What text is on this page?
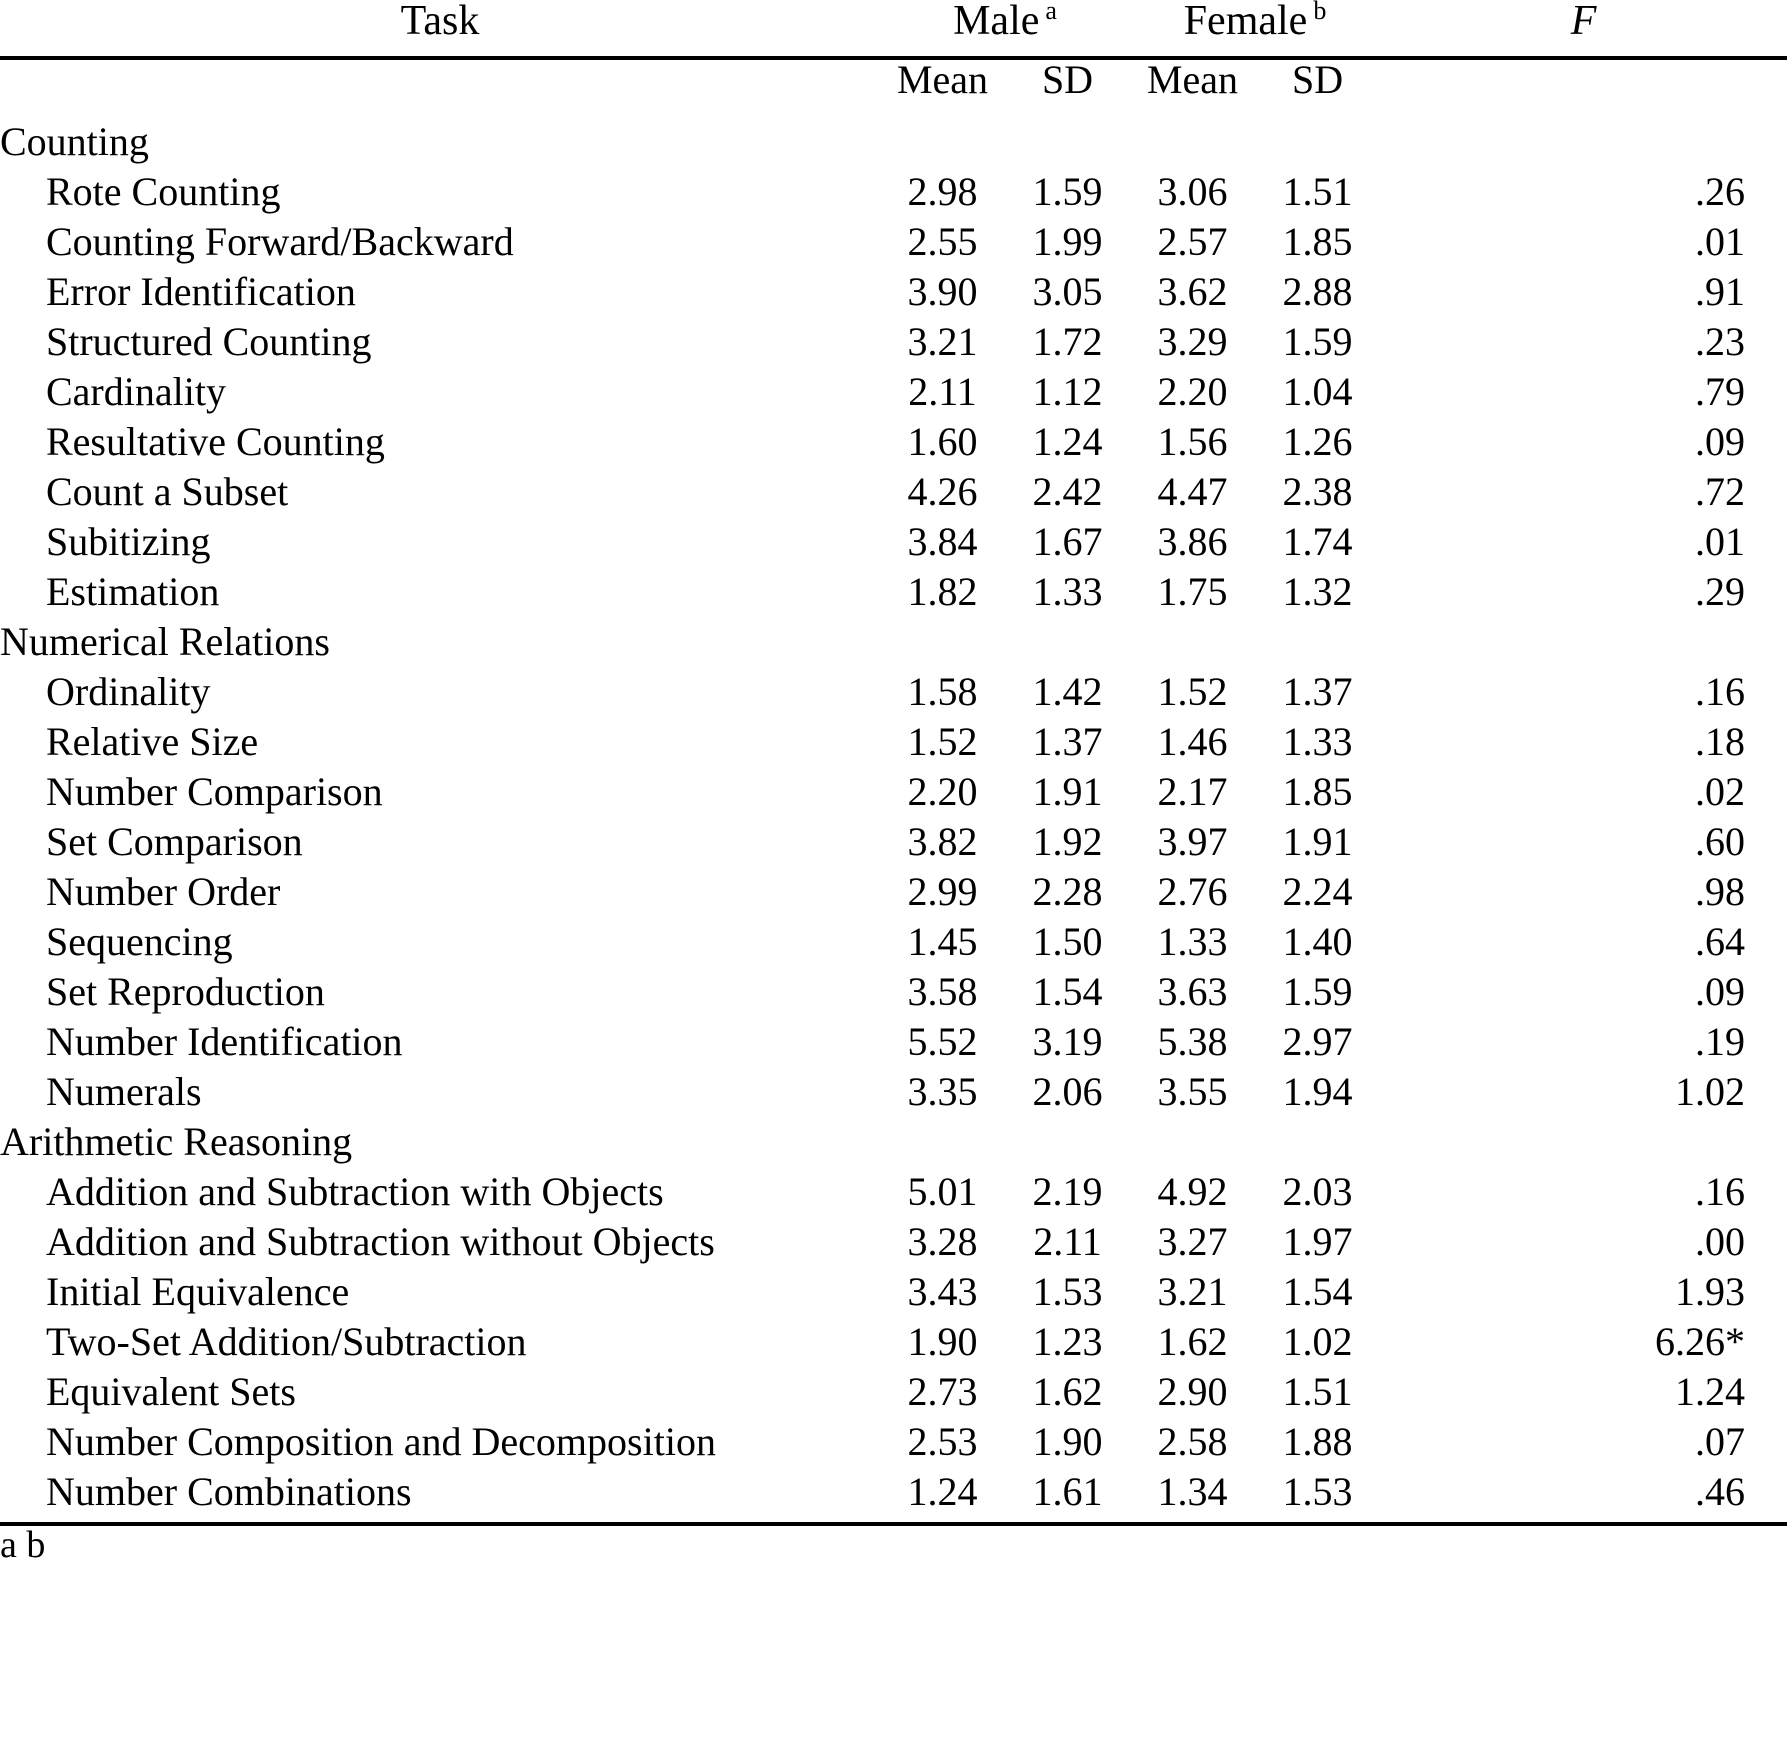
Task	Male $^a$		Female $^b$		F
	Mean	SD	Mean	SD	
Counting					
Rote Counting	2.98	1.59	3.06	1.51	.26
Counting Forward/Backward	2.55	1.99	2.57	1.85	.01
Error Identification	3.90	3.05	3.62	2.88	.91
Structured Counting	3.21	1.72	3.29	1.59	.23
Cardinality	2.11	1.12	2.20	1.04	.79
Resultative Counting	1.60	1.24	1.56	1.26	.09
Count a Subset	4.26	2.42	4.47	2.38	.72
Subitizing	3.84	1.67	3.86	1.74	.01
Estimation	1.82	1.33	1.75	1.32	.29
Numerical Relations					
Ordinality	1.58	1.42	1.52	1.37	.16
Relative Size	1.52	1.37	1.46	1.33	.18
Number Comparison	2.20	1.91	2.17	1.85	.02
Set Comparison	3.82	1.92	3.97	1.91	.60
Number Order	2.99	2.28	2.76	2.24	.98
Sequencing	1.45	1.50	1.33	1.40	.64
Set Reproduction	3.58	1.54	3.63	1.59	.09
Number Identification	5.52	3.19	5.38	2.97	.19
Numerals	3.35	2.06	3.55	1.94	1.02
Arithmetic Reasoning					
Addition and Subtraction with Objects	5.01	2.19	4.92	2.03	.16
Addition and Subtraction without Objects	3.28	2.11	3.27	1.97	.00
Initial Equivalence	3.43	1.53	3.21	1.54	1.93
Two-Set Addition/Subtraction	1.90	1.23	1.62	1.02	6.26*
Equivalent Sets	2.73	1.62	2.90	1.51	1.24
Number Composition and Decomposition	2.53	1.90	2.58	1.88	.07
Number Combinations	1.24	1.61	1.34	1.53	.46
a b					
